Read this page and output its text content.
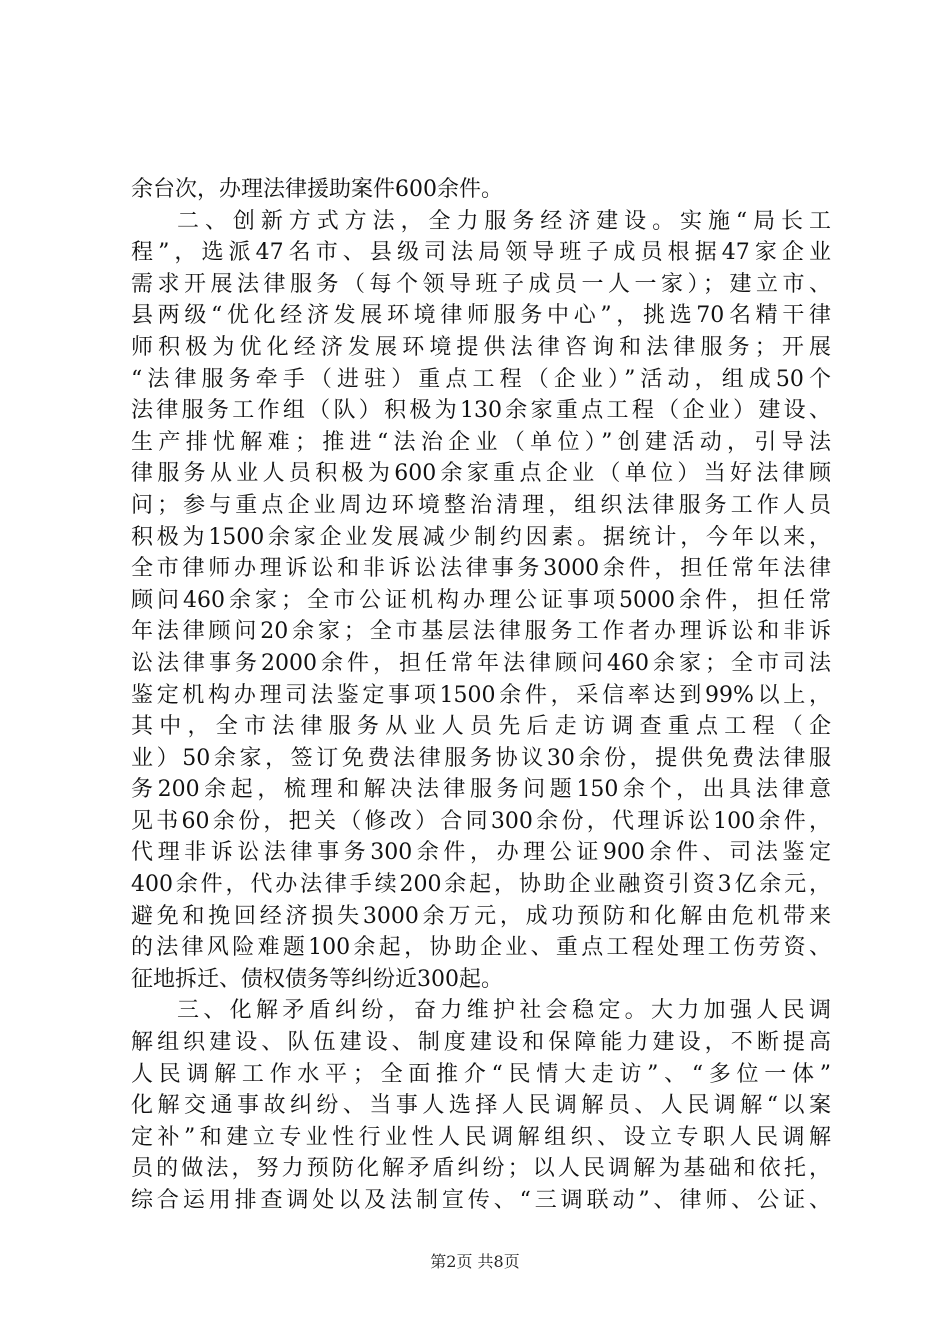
余台次，办理法律援助案件600余件。
二、创新方式方法，全力服务经济建设。实施“局长工
程”，选派47名市、县级司法局领导班子成员根据47家企业
需求开展法律服务（每个领导班子成员一人一家）；建立市、
县两级“优化经济发展环境律师服务中心”，挑选70名精干律
师积极为优化经济发展环境提供法律咨询和法律服务；开展
“法律服务牵手（进驻）重点工程（企业）”活动，组成50个
法律服务工作组（队）积极为130余家重点工程（企业）建设、
生产排忧解难；推进“法治企业（单位）”创建活动，引导法
律服务从业人员积极为600余家重点企业（单位）当好法律顾
问；参与重点企业周边环境整治清理，组织法律服务工作人员
积极为1500余家企业发展减少制约因素。据统计，今年以来，
全市律师办理诉讼和非诉讼法律事务3000余件，担任常年法律
顾问460余家；全市公证机构办理公证事项5000余件，担任常
年法律顾问20余家；全市基层法律服务工作者办理诉讼和非诉
讼法律事务2000余件，担任常年法律顾问460余家；全市司法
鉴定机构办理司法鉴定事项1500余件，采信率达到99%以上，
其中，全市法律服务从业人员先后走访调查重点工程（企
业）50余家，签订免费法律服务协议30余份，提供免费法律服
务200余起，梳理和解决法律服务问题150余个，出具法律意
见书60余份，把关（修改）合同300余份，代理诉讼100余件，
代理非诉讼法律事务300余件，办理公证900余件、司法鉴定
400余件，代办法律手续200余起，协助企业融资引资3亿余元，
避免和挽回经济损失3000余万元，成功预防和化解由危机带来
的法律风险难题100余起，协助企业、重点工程处理工伤劳资、
征地拆迁、债权债务等纠纷近300起。
三、化解矛盾纠纷，奋力维护社会稳定。大力加强人民调
解组织建设、队伍建设、制度建设和保障能力建设，不断提高
人民调解工作水平；全面推介“民情大走访”、“多位一体”
化解交通事故纠纷、当事人选择人民调解员、人民调解“以案
定补”和建立专业性行业性人民调解组织、设立专职人民调解
员的做法，努力预防化解矛盾纠纷；以人民调解为基础和依托，
综合运用排查调处以及法制宣传、“三调联动”、律师、公证、
第2页 共8页
